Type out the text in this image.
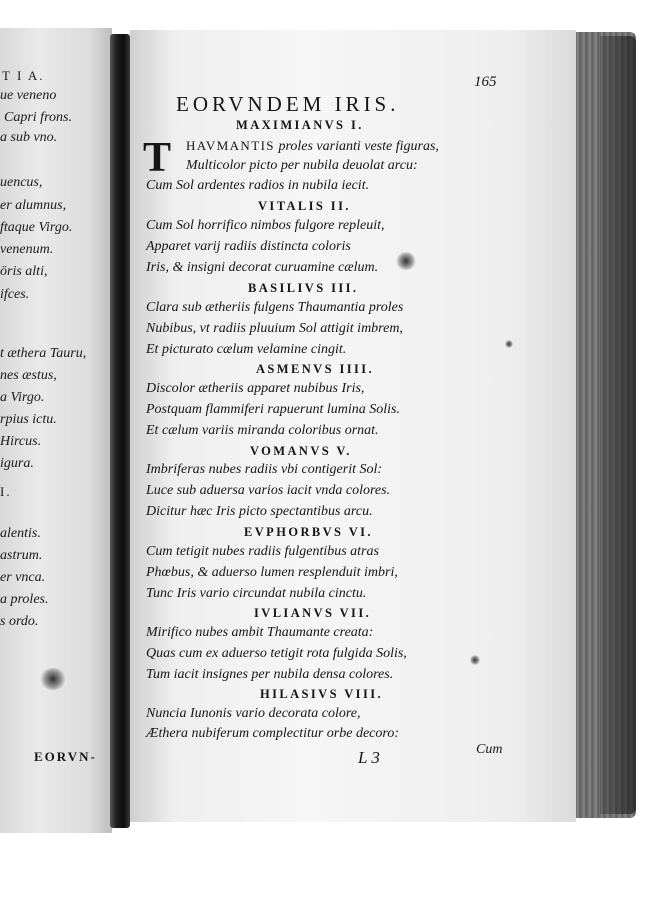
T I A.
ue veneno
Capri frons.
a sub vno.
uencus,
er alumnus,
ftaque Virgo.
venenum.
öris alti,
ifces.
t æthera Tauru,
nes æstus,
a Virgo.
rpius ictu.
Hircus.
igura.
I.
alentis.
astrum.
er vnca.
a proles.
s ordo.
EORVN-
165
EORVNDEM IRIS.
MAXIMIANVS I.
T HAVMANTIS proles varianti veste figuras,
Multicolor picto per nubila deuolat arcu:
Cum Sol ardentes radios in nubila iecit.
VITALIS II.
Cum Sol horrifico nimbos fulgore repleuit,
Apparet varij radiis distincta coloris
Iris, & insigni decorat curuamine cælum.
BASILIVS III.
Clara sub ætheriis fulgens Thaumantia proles
Nubibus, vt radiis pluuium Sol attigit imbrem,
Et picturato cælum velamine cingit.
ASMENVS IIII.
Discolor ætheriis apparet nubibus Iris,
Postquam flammiferi rapuerunt lumina Solis.
Et cælum variis miranda coloribus ornat.
VOMANVS V.
Imbriferas nubes radiis vbi contigerit Sol:
Luce sub aduersa varios iacit vnda colores.
Dicitur hæc Iris picto spectantibus arcu.
EVPHORBVS VI.
Cum tetigit nubes radiis fulgentibus atras
Phœbus, & aduerso lumen resplenduit imbri,
Tunc Iris vario circundat nubila cinctu.
IVLIANVS VII.
Mirifico nubes ambit Thaumante creata:
Quas cum ex aduerso tetigit rota fulgida Solis,
Tum iacit insignes per nubila densa colores.
HILASIVS VIII.
Nuncia Iunonis vario decorata colore,
Æthera nubiferum complectitur orbe decoro:
L 3	Cum
